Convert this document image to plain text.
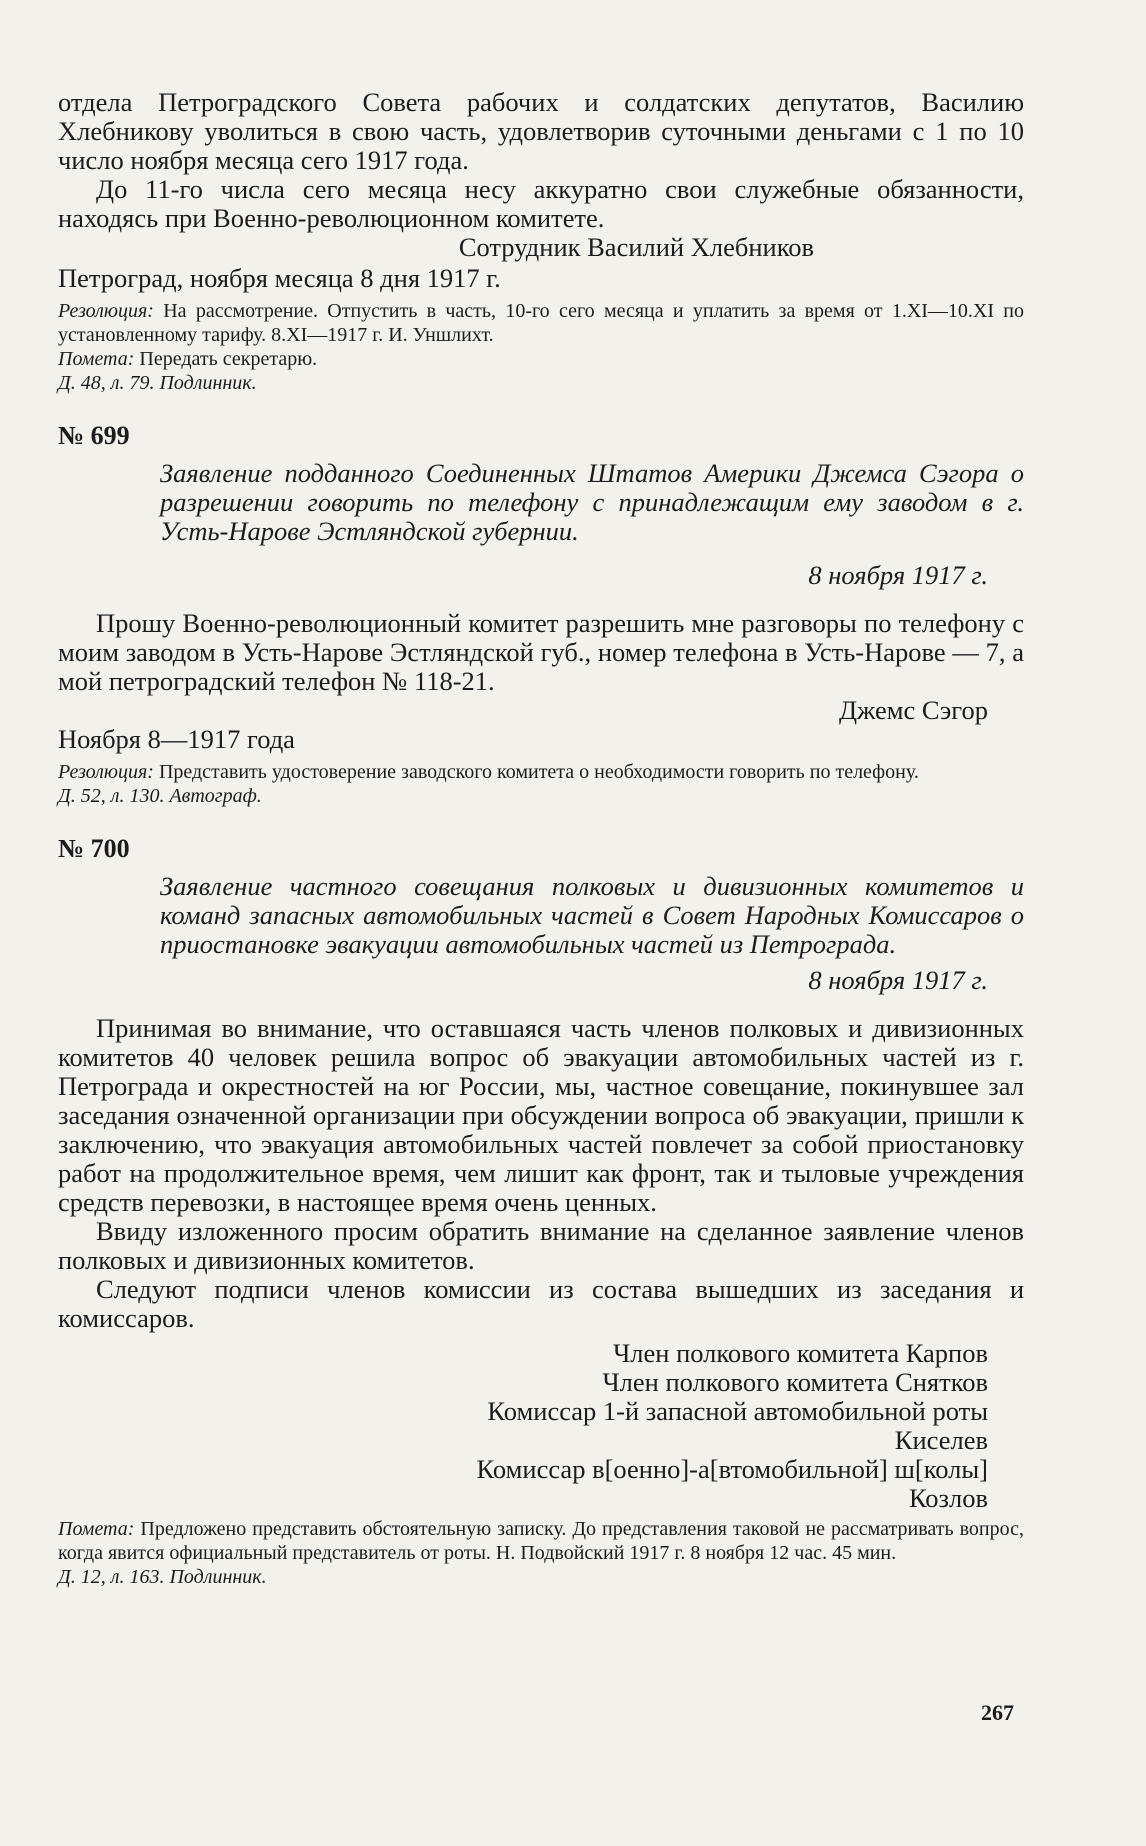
отдела Петроградского Совета рабочих и солдатских депутатов, Василию Хлебникову уволиться в свою часть, удовлетворив суточными деньгами с 1 по 10 число ноября месяца сего 1917 года.

До 11-го числа сего месяца несу аккуратно свои служебные обязанности, находясь при Военно-революционном комитете.

Сотрудник Василий Хлебников

Петроград, ноября месяца 8 дня 1917 г.

Резолюция: На рассмотрение. Отпустить в часть, 10-го сего месяца и уплатить за время от 1.XI—10.XI по установленному тарифу. 8.XI—1917 г. И. Уншлихт.

Помета: Передать секретарю.

Д. 48, л. 79. Подлинник.

№ 699

Заявление подданного Соединенных Штатов Америки Джемса Сэгора о разрешении говорить по телефону с принадлежащим ему заводом в г. Усть-Нарове Эстляндской губернии.

8 ноября 1917 г.

Прошу Военно-революционный комитет разрешить мне разговоры по телефону с моим заводом в Усть-Нарове Эстляндской губ., номер телефона в Усть-Нарове — 7, а мой петроградский телефон № 118-21.

Джемс Сэгор

Ноября 8—1917 года

Резолюция: Представить удостоверение заводского комитета о необходимости говорить по телефону.

Д. 52, л. 130. Автограф.

№ 700

Заявление частного совещания полковых и дивизионных комитетов и команд запасных автомобильных частей в Совет Народных Комиссаров о приостановке эвакуации автомобильных частей из Петрограда.

8 ноября 1917 г.

Принимая во внимание, что оставшаяся часть членов полковых и дивизионных комитетов 40 человек решила вопрос об эвакуации автомобильных частей из г. Петрограда и окрестностей на юг России, мы, частное совещание, покинувшее зал заседания означенной организации при обсуждении вопроса об эвакуации, пришли к заключению, что эвакуация автомобильных частей повлечет за собой приостановку работ на продолжительное время, чем лишит как фронт, так и тыловые учреждения средств перевозки, в настоящее время очень ценных.

Ввиду изложенного просим обратить внимание на сделанное заявление членов полковых и дивизионных комитетов.

Следуют подписи членов комиссии из состава вышедших из заседания и комиссаров.

Член полкового комитета Карпов

Член полкового комитета Снятков

Комиссар 1-й запасной автомобильной роты

Киселев

Комиссар в[оенно]-а[втомобильной] ш[колы]

Козлов

Помета: Предложено представить обстоятельную записку. До представления таковой не рассматривать вопрос, когда явится официальный представитель от роты. Н. Подвойский 1917 г. 8 ноября 12 час. 45 мин.

Д. 12, л. 163. Подлинник.

267
